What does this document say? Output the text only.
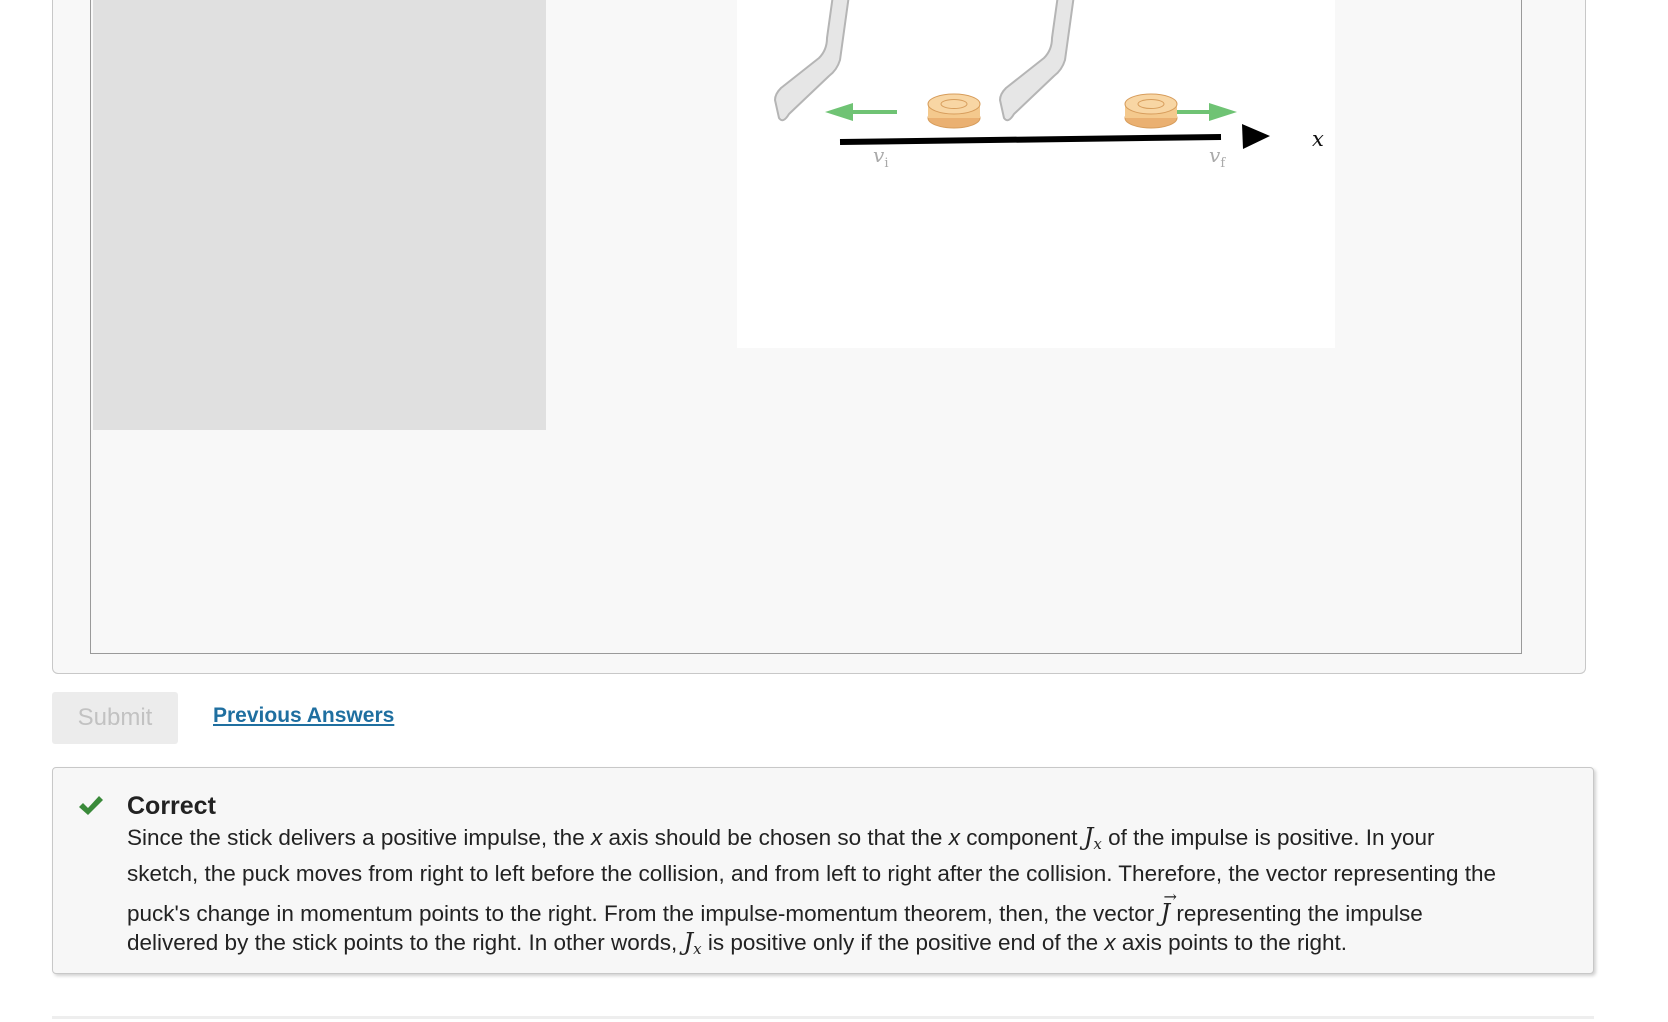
x
$v_i$	$v_f$
Submit	Previous Answers
Correct
Since the stick delivers a positive impulse, the x axis should be chosen so that the x component $J_x$ of the impulse is positive. In your
sketch, the puck moves from right to left before the collision, and from left to right after the collision. Therefore, the vector representing the
puck's change in momentum points to the right. From the impulse-momentum theorem, then, the vector → J representing the impulse
delivered by the stick points to the right. In other words, $J_x$ is positive only if the positive end of the x axis points to the right.
